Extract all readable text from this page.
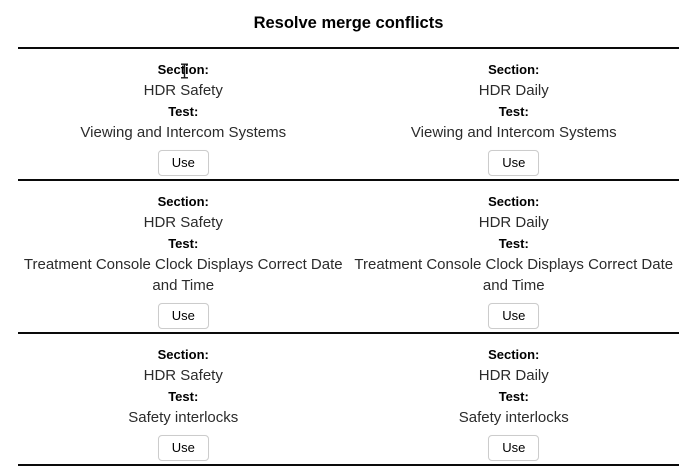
Resolve merge conflicts
Section:
HDR Safety
Test:
Viewing and Intercom Systems
Use
Section:
HDR Daily
Test:
Viewing and Intercom Systems
Use
Section:
HDR Safety
Test:
Treatment Console Clock Displays Correct Date and Time
Use
Section:
HDR Daily
Test:
Treatment Console Clock Displays Correct Date and Time
Use
Section:
HDR Safety
Test:
Safety interlocks
Use
Section:
HDR Daily
Test:
Safety interlocks
Use
